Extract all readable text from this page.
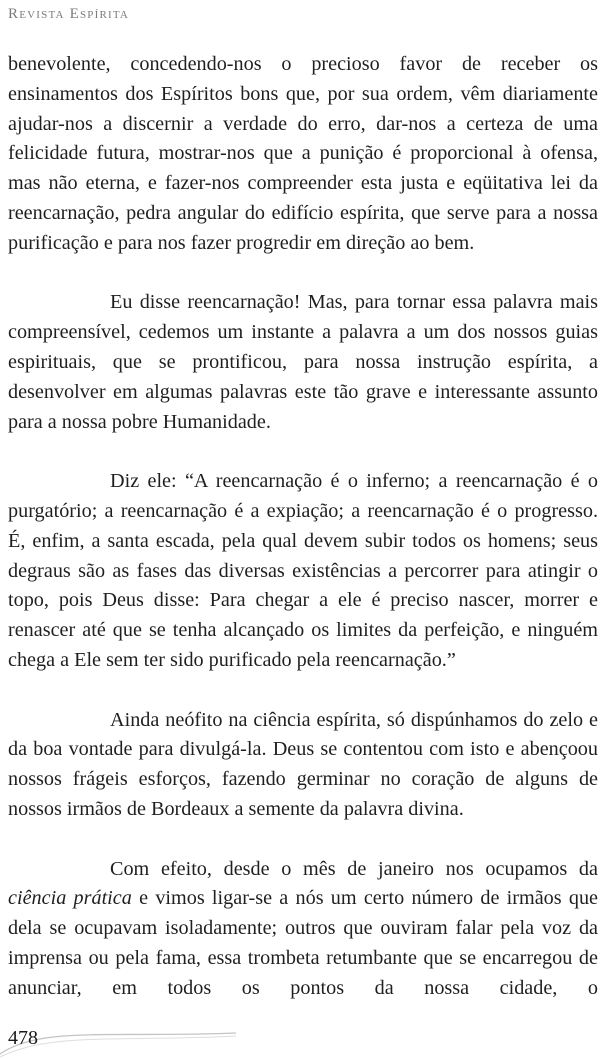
Revista Espírita

benevolente, concedendo-nos o precioso favor de receber os ensinamentos dos Espíritos bons que, por sua ordem, vêm diariamente ajudar-nos a discernir a verdade do erro, dar-nos a certeza de uma felicidade futura, mostrar-nos que a punição é proporcional à ofensa, mas não eterna, e fazer-nos compreender esta justa e eqüitativa lei da reencarnação, pedra angular do edifício espírita, que serve para a nossa purificação e para nos fazer progredir em direção ao bem.

Eu disse reencarnação! Mas, para tornar essa palavra mais compreensível, cedemos um instante a palavra a um dos nossos guias espirituais, que se prontificou, para nossa instrução espírita, a desenvolver em algumas palavras este tão grave e interessante assunto para a nossa pobre Humanidade.

Diz ele: “A reencarnação é o inferno; a reencarnação é o purgatório; a reencarnação é a expiação; a reencarnação é o progresso. É, enfim, a santa escada, pela qual devem subir todos os homens; seus degraus são as fases das diversas existências a percorrer para atingir o topo, pois Deus disse: Para chegar a ele é preciso nascer, morrer e renascer até que se tenha alcançado os limites da perfeição, e ninguém chega a Ele sem ter sido purificado pela reencarnação.”

Ainda neófito na ciência espírita, só dispúnhamos do zelo e da boa vontade para divulgá-la. Deus se contentou com isto e abençoou nossos frágeis esforços, fazendo germinar no coração de alguns de nossos irmãos de Bordeaux a semente da palavra divina.

Com efeito, desde o mês de janeiro nos ocupamos da ciência prática e vimos ligar-se a nós um certo número de irmãos que dela se ocupavam isoladamente; outros que ouviram falar pela voz da imprensa ou pela fama, essa trombeta retumbante que se encarregou de anunciar, em todos os pontos da nossa cidade, o

478
